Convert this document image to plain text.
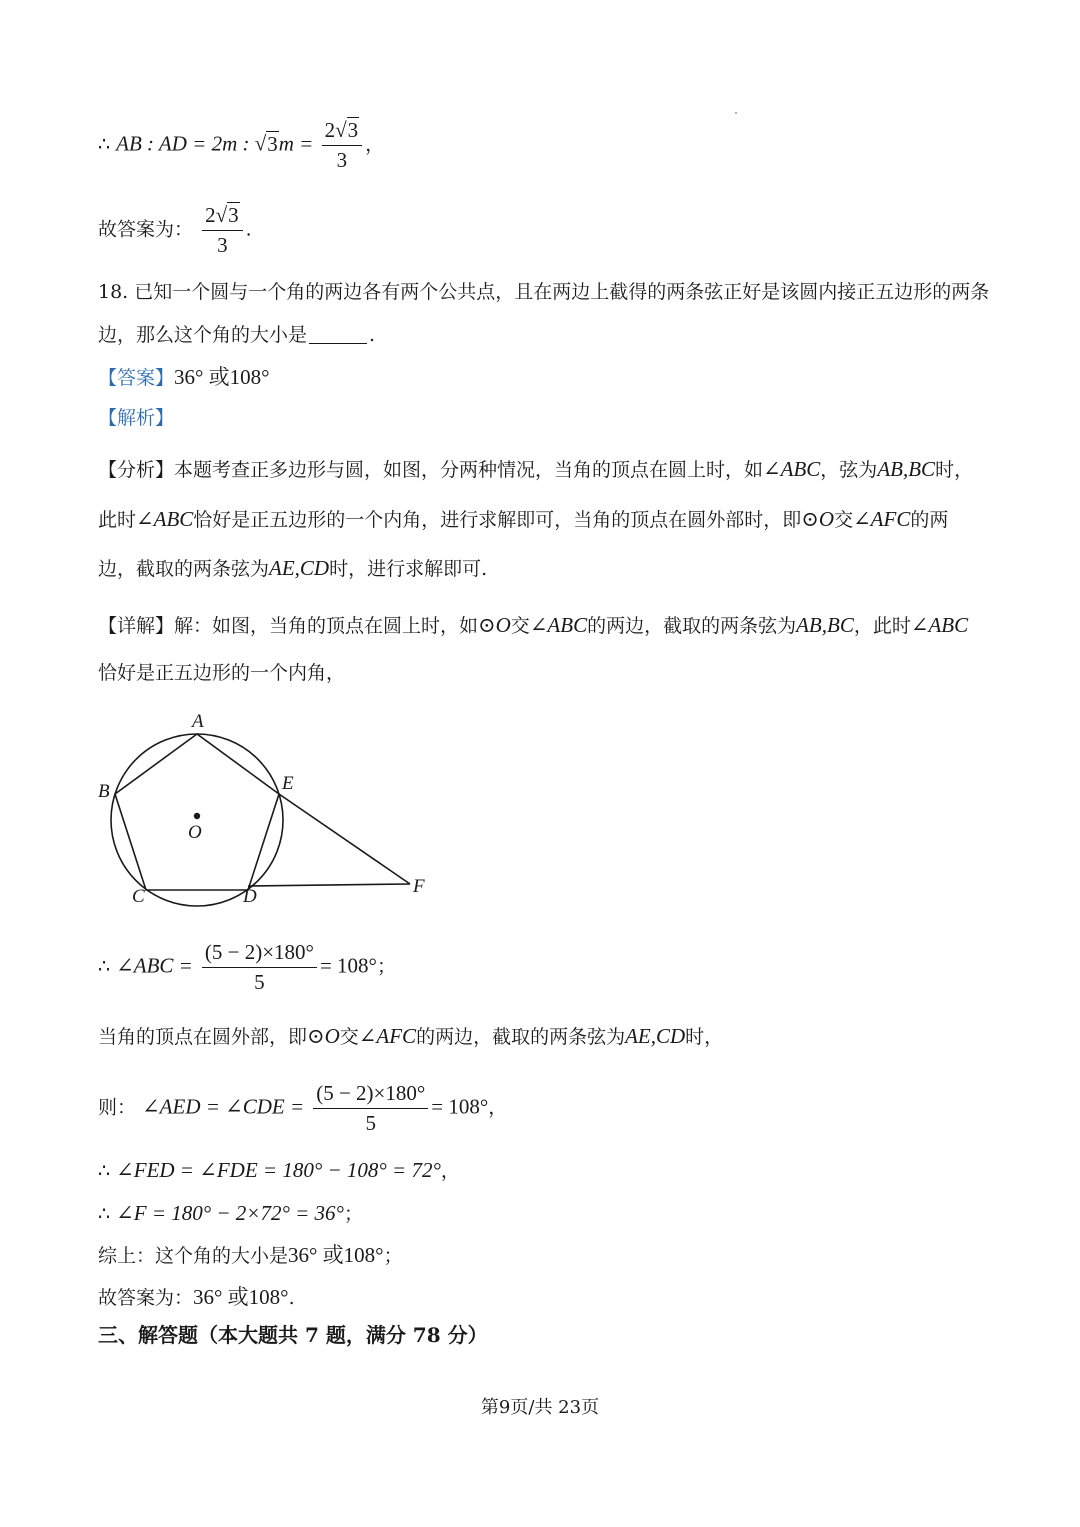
∴ AB : AD = 2m : $√3m = \frac{2√3}{3}$ ，
故答案为： $\frac{2√3}{3}$ .
18. 已知一个圆与一个角的两边各有两个公共点，且在两边上截得的两条弦正好是该圆内接正五边形的两条
边，那么这个角的大小是	.
【答案】36° 或108°
【解析】
【分析】本题考查正多边形与圆，如图，分两种情况，当角的顶点在圆上时，如∠ABC，弦为AB,BC时，
此时∠ABC恰好是正五边形的一个内角，进行求解即可，当角的顶点在圆外部时，即⊙O交∠AFC的两
边，截取的两条弦为AE,CD时，进行求解即可.
【详解】解：如图，当角的顶点在圆上时，如⊙O交∠ABC的两边，截取的两条弦为AB,BC，此时∠ABC
恰好是正五边形的一个内角，
A
B	E
O
C	D	F
∴ ∠ABC = $\frac{(5 - 2)\times 180^\circ}{5} = 108^\circ$；
当角的顶点在圆外部，即⊙O交∠AFC的两边，截取的两条弦为AE,CD时，
则： ∠AED = ∠CDE = $\frac{(5 - 2)\times 180^\circ}{5} = 108^\circ$，
∴ ∠FED = ∠FDE = 180° − 108° = 72°，
∴ ∠F = 180° − 2×72° = 36°；
综上：这个角的大小是36° 或108°；
故答案为：36° 或108°.
三、解答题（本大题共 7 题，满分 78 分）
第9页/共 23页
